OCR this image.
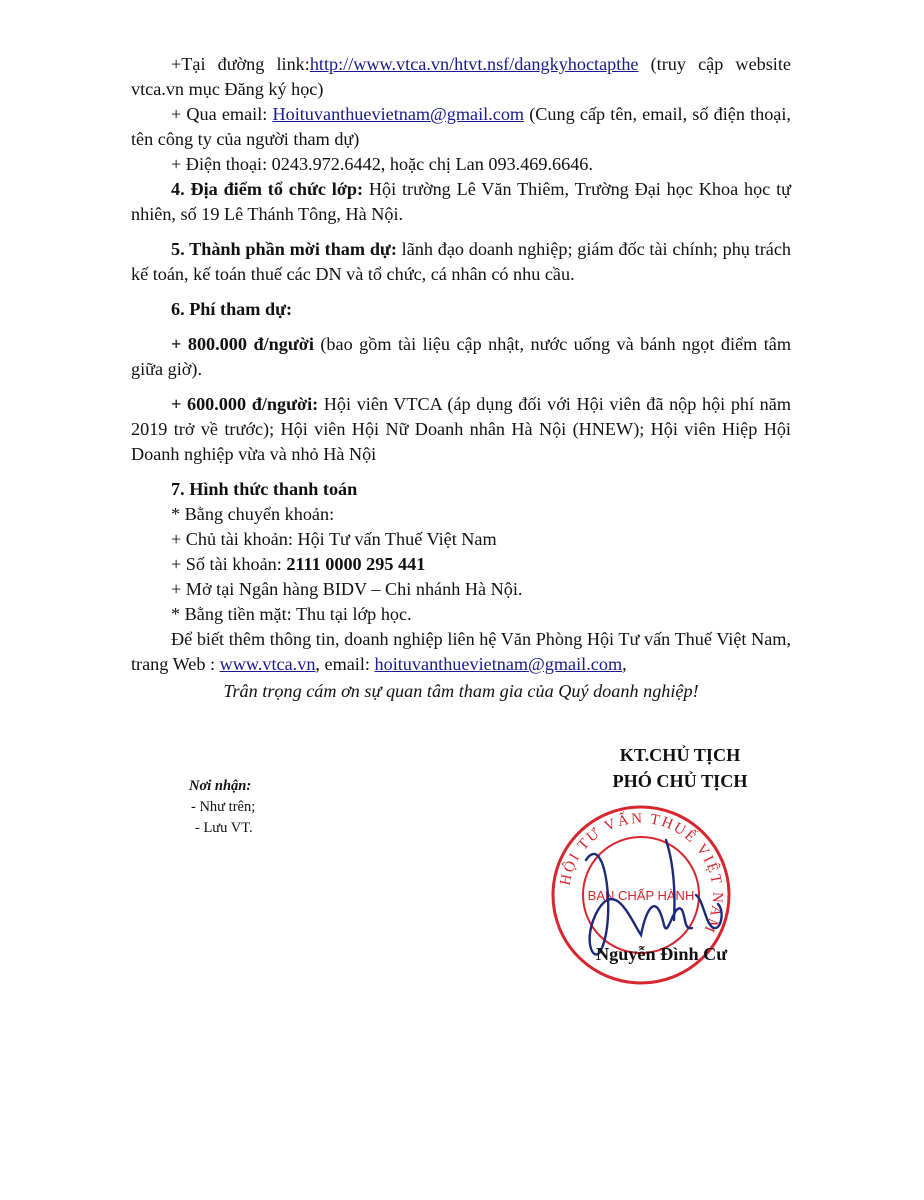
+Tại đường link:http://www.vtca.vn/htvt.nsf/dangkyhoctapthe (truy cập website vtca.vn mục Đăng ký học)

+ Qua email: Hoituvanthuevietnam@gmail.com (Cung cấp tên, email, số điện thoại, tên công ty của người tham dự)

+ Điện thoại: 0243.972.6442, hoặc chị Lan 093.469.6646.

4. Địa điểm tổ chức lớp: Hội trường Lê Văn Thiêm, Trường Đại học Khoa học tự nhiên, số 19 Lê Thánh Tông, Hà Nội.

5. Thành phần mời tham dự: lãnh đạo doanh nghiệp; giám đốc tài chính; phụ trách kế toán, kế toán thuế các DN và tổ chức, cá nhân có nhu cầu.

6. Phí tham dự:

+ 800.000 đ/người (bao gồm tài liệu cập nhật, nước uống và bánh ngọt điểm tâm giữa giờ).

+ 600.000 đ/người: Hội viên VTCA (áp dụng đối với Hội viên đã nộp hội phí năm 2019 trở về trước); Hội viên Hội Nữ Doanh nhân Hà Nội (HNEW); Hội viên Hiệp Hội Doanh nghiệp vừa và nhỏ Hà Nội

7. Hình thức thanh toán

* Bằng chuyển khoản:

+ Chủ tài khoản: Hội Tư vấn Thuế Việt Nam

+ Số tài khoản: 2111 0000 295 441

+ Mở tại Ngân hàng BIDV – Chi nhánh Hà Nội.

* Bằng tiền mặt: Thu tại lớp học.

Để biết thêm thông tin, doanh nghiệp liên hệ Văn Phòng Hội Tư vấn Thuế Việt Nam, trang Web : www.vtca.vn, email: hoituvanthuevietnam@gmail.com,

Trân trọng cám ơn sự quan tâm tham gia của Quý doanh nghiệp!

Nơi nhận:
- Như trên;
- Lưu VT.
KT.CHỦ TỊCH
PHÓ CHỦ TỊCH
HỘI TƯ VẤN THUẾ VIỆT NAM
BAN CHẤP HÀNH
Nguyễn Đình Cư
